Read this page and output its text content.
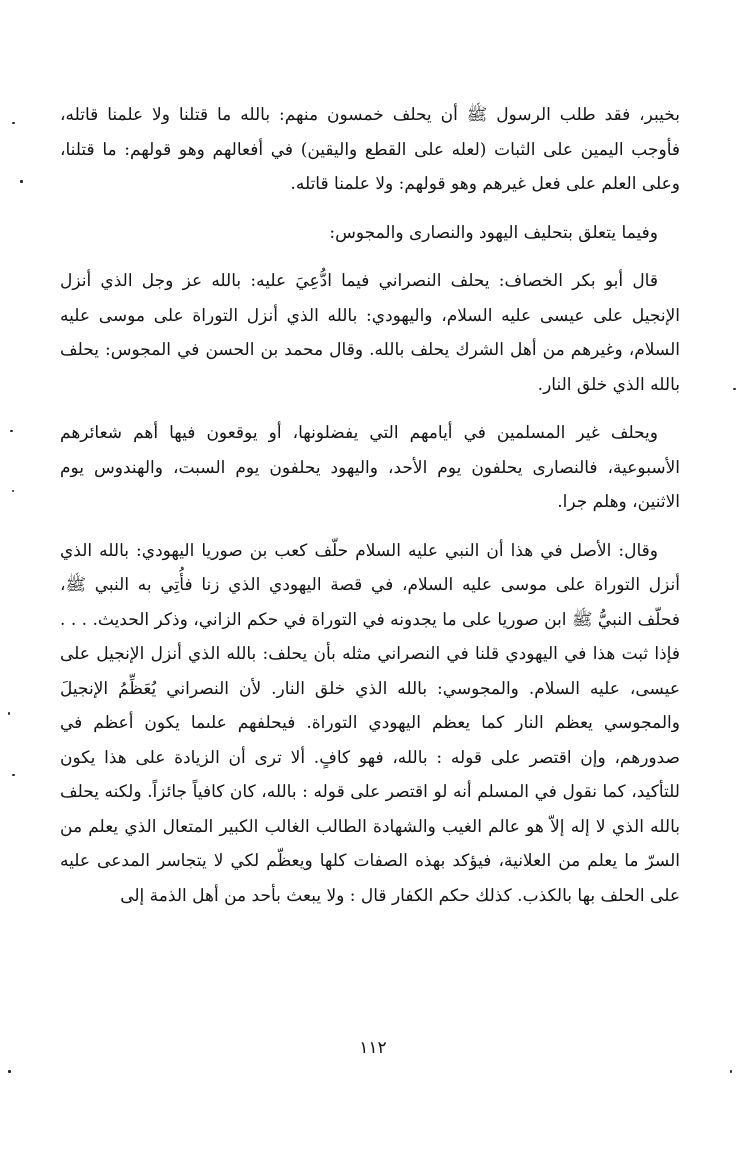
بخيبر، فقد طلب الرسول ﷺ أن يحلف خمسون منهم: بالله ما قتلنا ولا علمنا قاتله، فأوجب اليمين على الثبات (لعله على القطع واليقين) في أفعالهم وهو قولهم: ما قتلنا، وعلى العلم على فعل غيرهم وهو قولهم: ولا علمنا قاتله.

وفيما يتعلق بتحليف اليهود والنصارى والمجوس:

قال أبو بكر الخصاف: يحلف النصراني فيما ادُّعِيَ عليه: بالله عز وجل الذي أنزل الإنجيل على عيسى عليه السلام، واليهودي: بالله الذي أنزل التوراة على موسى عليه السلام، وغيرهم من أهل الشرك يحلف بالله. وقال محمد بن الحسن في المجوس: يحلف بالله الذي خلق النار.

ويحلف غير المسلمين في أيامهم التي يفضلونها، أو يوقعون فيها أهم شعائرهم الأسبوعية، فالنصارى يحلفون يوم الأحد، واليهود يحلفون يوم السبت، والهندوس يوم الاثنين، وهلم جرا.

وقال: الأصل في هذا أن النبي عليه السلام حلّف كعب بن صوريا اليهودي: بالله الذي أنزل التوراة على موسى عليه السلام، في قصة اليهودي الذي زنا فأُتِي به النبي ﷺ، فحلّف النبيُّ ﷺ ابن صوريا على ما يجدونه في التوراة في حكم الزاني، وذكر الحديث. . . . فإذا ثبت هذا في اليهودي قلنا في النصراني مثله بأن يحلف: بالله الذي أنزل الإنجيل على عيسى، عليه السلام. والمجوسي: بالله الذي خلق النار. لأن النصراني يُعَظِّمُ الإنجيلَ والمجوسي يعظم النار كما يعظم اليهودي التوراة. فيحلفهم علىما يكون أعظم في صدورهم، وإن اقتصر على قوله : بالله، فهو كافٍ. ألا ترى أن الزيادة على هذا يكون للتأكيد، كما نقول في المسلم أنه لو اقتصر على قوله : بالله، كان كافياً جائزاً. ولكنه يحلف بالله الذي لا إله إلاّ هو عالم الغيب والشهادة الطالب الغالب الكبير المتعال الذي يعلم من السرّ ما يعلم من العلانية، فيؤكد بهذه الصفات كلها ويعظّم لكي لا يتجاسر المدعى عليه على الحلف بها بالكذب. كذلك حكم الكفار قال : ولا يبعث بأحد من أهل الذمة إلى

١١٢
